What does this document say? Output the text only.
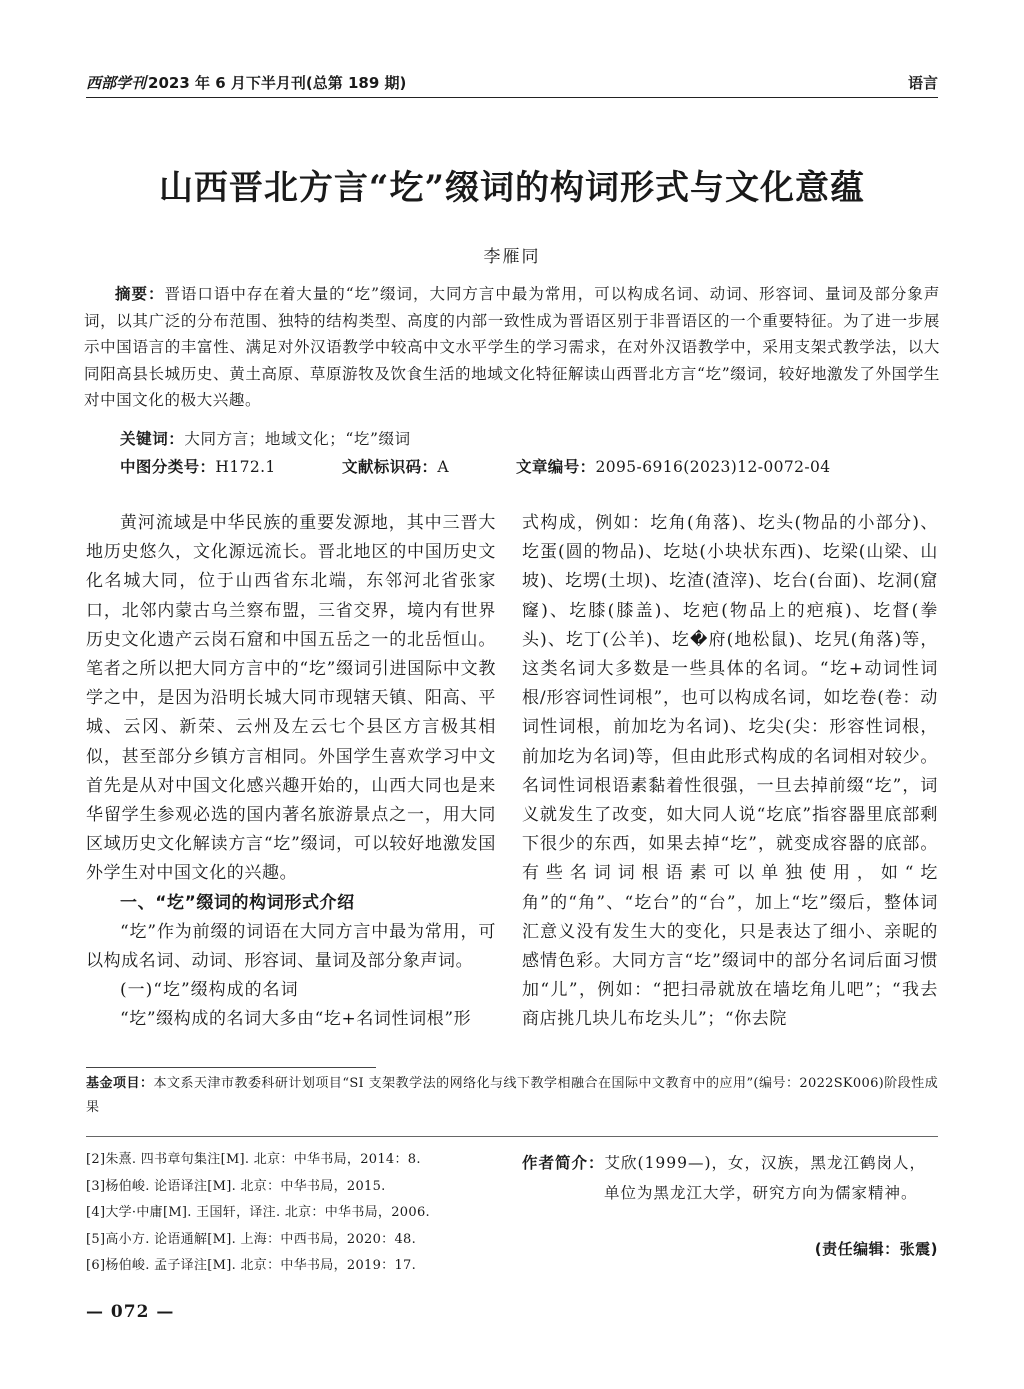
西部学刊 2023 年 6 月下半月刊(总第 189 期)	语言
山西晋北方言“圪”缀词的构词形式与文化意蕴
李雁同
摘要：晋语口语中存在着大量的“圪”缀词，大同方言中最为常用，可以构成名词、动词、形容词、量词及部分象声词，以其广泛的分布范围、独特的结构类型、高度的内部一致性成为晋语区别于非晋语区的一个重要特征。为了进一步展示中国语言的丰富性、满足对外汉语教学中较高中文水平学生的学习需求，在对外汉语教学中，采用支架式教学法，以大同阳高县长城历史、黄土高原、草原游牧及饮食生活的地域文化特征解读山西晋北方言“圪”缀词，较好地激发了外国学生对中国文化的极大兴趣。
关键词：大同方言；地域文化；“圪”缀词
中图分类号：H172.1	文献标识码：A	文章编号：2095-6916(2023)12-0072-04

黄河流域是中华民族的重要发源地，其中三晋大地历史悠久，文化源远流长。晋北地区的中国历史文化名城大同，位于山西省东北端，东邻河北省张家口，北邻内蒙古乌兰察布盟，三省交界，境内有世界历史文化遗产云岗石窟和中国五岳之一的北岳恒山。笔者之所以把大同方言中的“圪”缀词引进国际中文教学之中，是因为沿明长城大同市现辖天镇、阳高、平城、云冈、新荣、云州及左云七个县区方言极其相似，甚至部分乡镇方言相同。外国学生喜欢学习中文首先是从对中国文化感兴趣开始的，山西大同也是来华留学生参观必选的国内著名旅游景点之一，用大同区域历史文化解读方言“圪”缀词，可以较好地激发国外学生对中国文化的兴趣。

一、“圪”缀词的构词形式介绍

“圪”作为前缀的词语在大同方言中最为常用，可以构成名词、动词、形容词、量词及部分象声词。

(一)“圪”缀构成的名词

“圪”缀构成的名词大多由“圪+名词性词根”形

式构成，例如：圪角(角落)、圪头(物品的小部分)、圪蛋(圆的物品)、圪垯(小块状东西)、圪梁(山梁、山坡)、圪塄(土坝)、圪渣(渣滓)、圪台(台面)、圪洞(窟窿)、圪膝(膝盖)、圪疤(物品上的疤痕)、圪督(拳头)、圪丁(公羊)、圪�府(地松鼠)、圪旯(角落)等，这类名词大多数是一些具体的名词。“圪+动词性词根/形容词性词根”，也可以构成名词，如圪卷(卷：动词性词根，前加圪为名词)、圪尖(尖：形容性词根，前加圪为名词)等，但由此形式构成的名词相对较少。名词性词根语素黏着性很强，一旦去掉前缀“圪”，词义就发生了改变，如大同人说“圪底”指容器里底部剩下很少的东西，如果去掉“圪”，就变成容器的底部。有些名词词根语素可以单独使用，如“圪角”的“角”、“圪台”的“台”，加上“圪”缀后，整体词汇意义没有发生大的变化，只是表达了细小、亲昵的感情色彩。大同方言“圪”缀词中的部分名词后面习惯加“儿”，例如：“把扫帚就放在墙圪角儿吧”；“我去商店挑几块儿布圪头儿”；“你去院

基金项目：本文系天津市教委科研计划项目“SI 支架教学法的网络化与线下教学相融合在国际中文教育中的应用”(编号：2022SK006)阶段性成果
[2]朱熹. 四书章句集注[M]. 北京：中华书局，2014：8.
[3]杨伯峻. 论语译注[M]. 北京：中华书局，2015.
[4]大学·中庸[M]. 王国轩，译注. 北京：中华书局，2006.
[5]高小方. 论语通解[M]. 上海：中西书局，2020：48.
[6]杨伯峻. 孟子译注[M]. 北京：中华书局，2019：17.
作者简介：艾欣(1999—)，女，汉族，黑龙江鹤岗人，单位为黑龙江大学，研究方向为儒家精神。
(责任编辑：张震)
— 072 —
